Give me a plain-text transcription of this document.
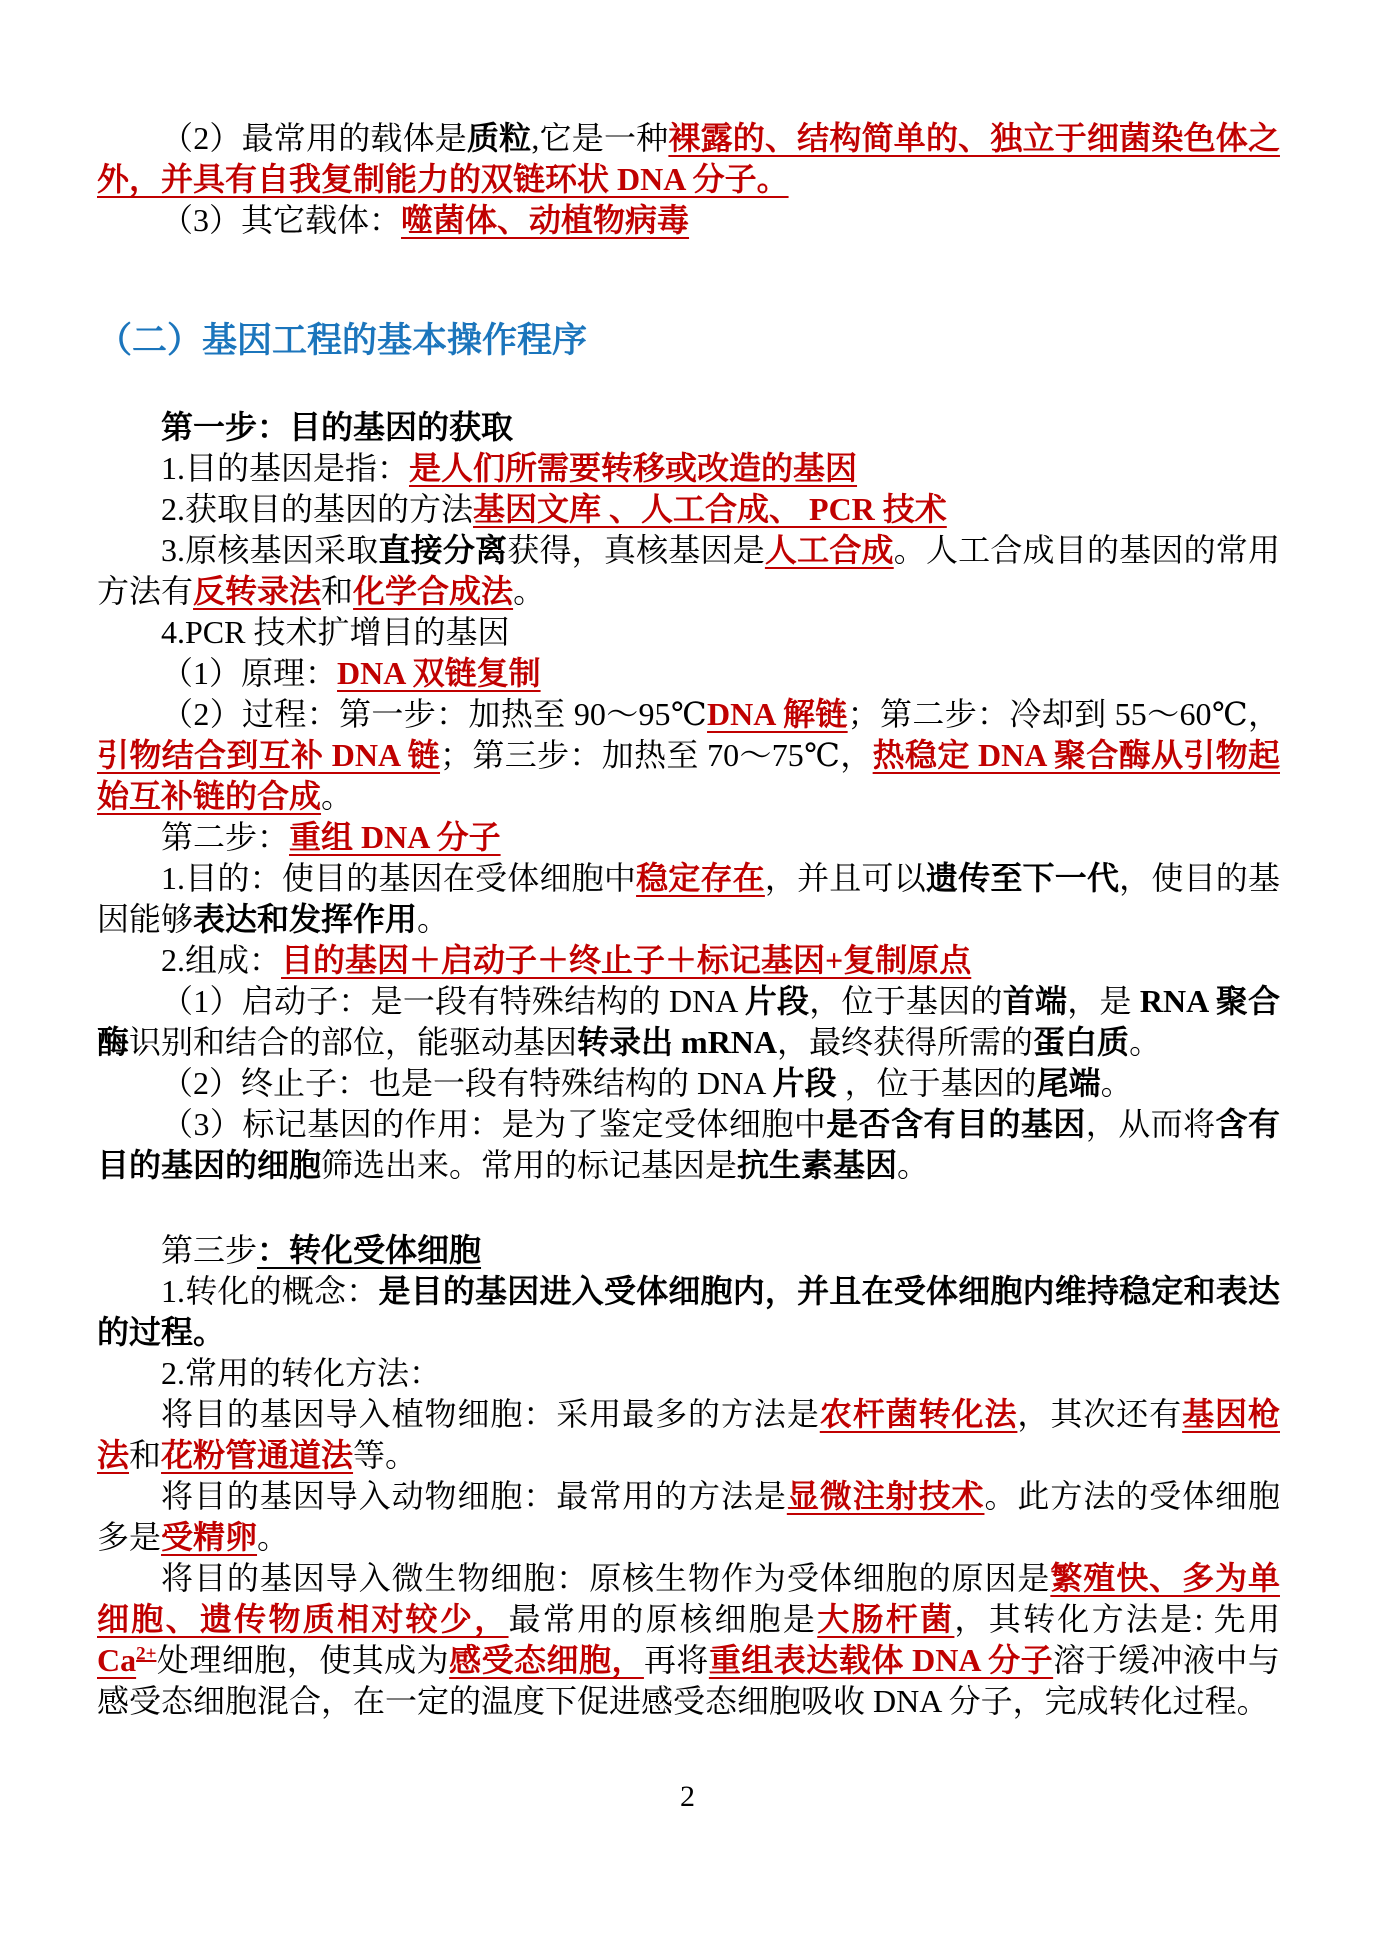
（2）最常用的载体是质粒,它是一种裸露的、结构简单的、独立于细菌染色体之外，并具有自我复制能力的双链环状 DNA 分子。

（3）其它载体：噬菌体、动植物病毒

（二）基因工程的基本操作程序

第一步：目的基因的获取

1.目的基因是指：是人们所需要转移或改造的基因

2.获取目的基因的方法基因文库 、人工合成、 PCR 技术

3.原核基因采取直接分离获得，真核基因是人工合成。人工合成目的基因的常用方法有反转录法和化学合成法。

4.PCR 技术扩增目的基因

（1）原理：DNA 双链复制

（2）过程：第一步：加热至 90～95℃DNA 解链；第二步：冷却到 55～60℃，引物结合到互补 DNA 链；第三步：加热至 70～75℃，热稳定 DNA 聚合酶从引物起始互补链的合成。

第二步：重组 DNA 分子

1.目的：使目的基因在受体细胞中稳定存在，并且可以遗传至下一代，使目的基因能够表达和发挥作用。

2.组成：目的基因＋启动子＋终止子＋标记基因+复制原点

（1）启动子：是一段有特殊结构的 DNA 片段，位于基因的首端，是 RNA 聚合酶识别和结合的部位，能驱动基因转录出 mRNA，最终获得所需的蛋白质。

（2）终止子：也是一段有特殊结构的 DNA 片段 ，位于基因的尾端。

（3）标记基因的作用：是为了鉴定受体细胞中是否含有目的基因，从而将含有目的基因的细胞筛选出来。常用的标记基因是抗生素基因。

第三步：转化受体细胞

1.转化的概念：是目的基因进入受体细胞内，并且在受体细胞内维持稳定和表达的过程。

2.常用的转化方法：

将目的基因导入植物细胞：采用最多的方法是农杆菌转化法，其次还有基因枪法和花粉管通道法等。

将目的基因导入动物细胞：最常用的方法是显微注射技术。此方法的受体细胞多是受精卵。

将目的基因导入微生物细胞：原核生物作为受体细胞的原因是繁殖快、多为单细胞、遗传物质相对较少，最常用的原核细胞是大肠杆菌，其转化方法是: 先用 $Ca^{2+}$处理细胞，使其成为感受态细胞，再将重组表达载体 DNA 分子溶于缓冲液中与感受态细胞混合，在一定的温度下促进感受态细胞吸收 DNA 分子，完成转化过程。

2
